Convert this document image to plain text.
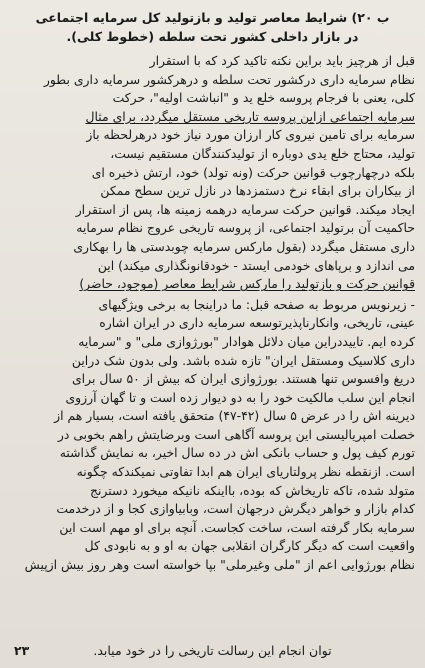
ب ۲۰) شرایط معاصر تولید و بازتولید کل سرمایه اجتماعی
در بازار داخلی کشور تحت سلطه (خطوط کلی).
قبل از هرچیز باید براین نکته تاکید کرد که با استقرار
نظام سرمایه داری درکشور تحت سلطه و درهرکشور سرمایه داری بطور
کلی، یعنی با فرجام پروسه خلع ید و "انباشت اولیه"، حرکت
سرمایه اجتماعی ازاین پروسه تاریخی مستقل میگردد، برای مثال
سرمایه برای تامین نیروی کار ارزان مورد نیاز خود درهرلحظه باز
تولید، محتاج خلع یدی دوباره از تولیدکنندگان مستقیم نیست،
بلکه درچهارچوب قوانین حرکت (ونه تولد) خود، ارتش ذخیره ای
از بیکاران برای ابقاء نرخ دستمزدها در نازل ترین سطح ممکن
ایجاد میکند. قوانین حرکت سرمایه درهمه زمینه ها، پس از استقرار
حاکمیت آن برتولید اجتماعی، از پروسه تاریخی عروج نظام سرمایه
داری مستقل میگردد (بقول مارکس سرمایه چوبدستی ها را بهکاری
می اندازد و برپاهای خودمی ایستد - خودقانونگذاری میکند) این
قوانین حرکت و بازتولید را مارکس شرایط معاصر (موجود، حاضر)
- زیرنویس مربوط به صفحه قبل: ما دراینجا به برخی ویژگیهای
عینی، تاریخی، وانکارناپذیرتوسعه سرمایه داری در ایران اشاره
کرده ایم. تاییددراین میان دلائل هوادار "بورژوازی ملی" و "سرمایه
داری کلاسیک ومستقل ایران" تازه شده باشد. ولی بدون شک دراین
دریغ وافسوس تنها هستند. بورژوازی ایران که بیش از ۵۰ سال برای
انجام این سلب مالکیت خود را به دو دیوار زده است و تا گهان آرزوی
دیرینه اش را در عرض ۵ سال (۴۲-۴۷) متحقق یافته است، بسیار هم از
خصلت امپریالیستی این پروسه آگاهی است وبرضایتش راهم بخوبی در
تورم کیف پول و حساب بانکی اش در ده سال اخیر، به نمایش گذاشته
است. ازنقطه نظر پرولتاریای ایران هم ابدا تفاوتی نمیکندکه چگونه
متولد شده، تاکه تاریخاش که بوده، بااینکه نانیکه میخورد دسترنج
کدام بازار و خواهر دیگرش درجهان است، وبابیاوازی کجا و از درخدمت
سرمایه بکار گرفته است، ساخت کجاست. آنچه برای او مهم است این
واقعیت است که دیگر کارگران انقلابی جهان به او و به نابودی کل
نظام بورژوایی اعم از "ملی وغیرملی" بپا خواسته است وهر روز بیش ازپیش
۲۳	توان انجام این رسالت تاریخی را در خود میابد.
